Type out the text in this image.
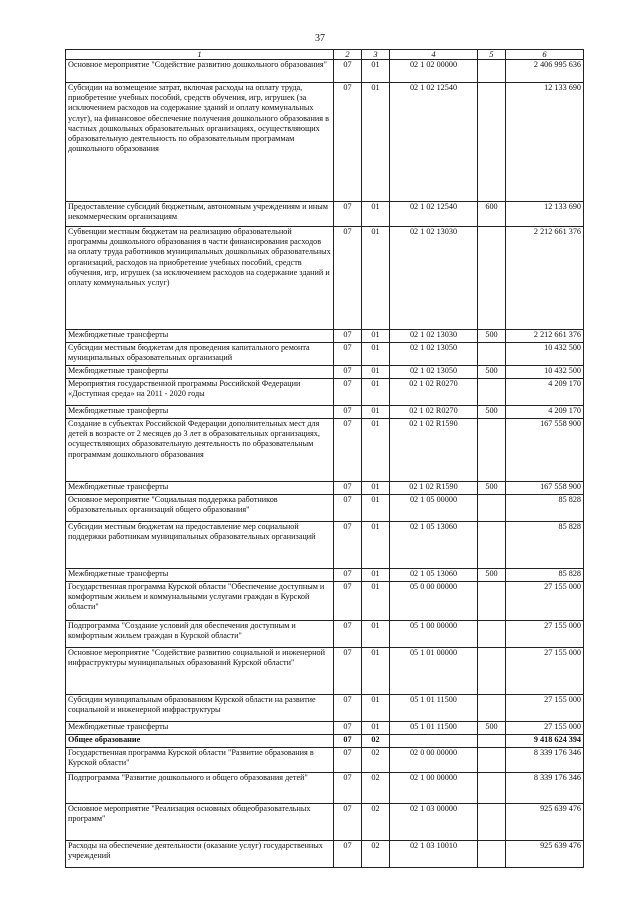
37
1	2	3	4	5	6
Основное мероприятие "Содействие развитию дошкольного образования"	07	01	02 1 02 00000		2 406 995 636
Субсидии на возмещение затрат, включая расходы на оплату труда, приобретение учебных пособий, средств обучения, игр, игрушек (за исключением расходов на содержание зданий и оплату коммунальных услуг), на финансовое обеспечение получения дошкольного образования в частных дошкольных образовательных организациях, осуществляющих образовательную деятельность по образовательным программам дошкольного образования	07	01	02 1 02 12540		12 133 690
Предоставление субсидий бюджетным, автономным учреждениям и иным некоммерческим организациям	07	01	02 1 02 12540	600	12 133 690
Субвенции местным бюджетам на реализацию образовательной программы дошкольного образования в части финансирования расходов на оплату труда работников муниципальных дошкольных образовательных организаций, расходов на приобретение учебных пособий, средств обучения, игр, игрушек (за исключением расходов на содержание зданий и оплату коммунальных услуг)	07	01	02 1 02 13030		2 212 661 376
Межбюджетные трансферты	07	01	02 1 02 13030	500	2 212 661 376
Субсидии местным бюджетам для проведения капитального ремонта муниципальных образовательных организаций	07	01	02 1 02 13050		10 432 500
Межбюджетные трансферты	07	01	02 1 02 13050	500	10 432 500
Мероприятия государственной программы Российской Федерации «Доступная среда» на 2011 - 2020 годы	07	01	02 1 02 R0270		4 209 170
Межбюджетные трансферты	07	01	02 1 02 R0270	500	4 209 170
Создание в субъектах Российской Федерации дополнительных мест для детей в возрасте от 2 месяцев до 3 лет в образовательных организациях, осуществляющих образовательную деятельность по образовательным программам дошкольного образования	07	01	02 1 02 R1590		167 558 900
Межбюджетные трансферты	07	01	02 1 02 R1590	500	167 558 900
Основное мероприятие "Социальная поддержка работников образовательных организаций общего образования"	07	01	02 1 05 00000		85 828
Субсидии местным бюджетам на предоставление мер социальной поддержки работникам муниципальных образовательных организаций	07	01	02 1 05 13060		85 828
Межбюджетные трансферты	07	01	02 1 05 13060	500	85 828
Государственная программа Курской области "Обеспечение доступным и комфортным жильем и коммунальными услугами граждан в Курской области"	07	01	05 0 00 00000		27 155 000
Подпрограмма "Создание условий для обеспечения доступным и комфортным жильем граждан в Курской области"	07	01	05 1 00 00000		27 155 000
Основное мероприятие "Содействие развитию социальной и инженерной инфраструктуры муниципальных образований Курской области"	07	01	05 1 01 00000		27 155 000
Субсидии муниципальным образованиям Курской области на развитие социальной и инженерной инфраструктуры	07	01	05 1 01 11500		27 155 000
Межбюджетные трансферты	07	01	05 1 01 11500	500	27 155 000
Общее образование	07	02			9 418 624 394
Государственная программа Курской области "Развитие образования в Курской области"	07	02	02 0 00 00000		8 339 176 346
Подпрограмма "Развитие дошкольного и общего образования детей"	07	02	02 1 00 00000		8 339 176 346
Основное мероприятие "Реализация основных общеобразовательных программ"	07	02	02 1 03 00000		925 639 476
Расходы на обеспечение деятельности (оказание услуг) государственных учреждений	07	02	02 1 03 10010		925 639 476
